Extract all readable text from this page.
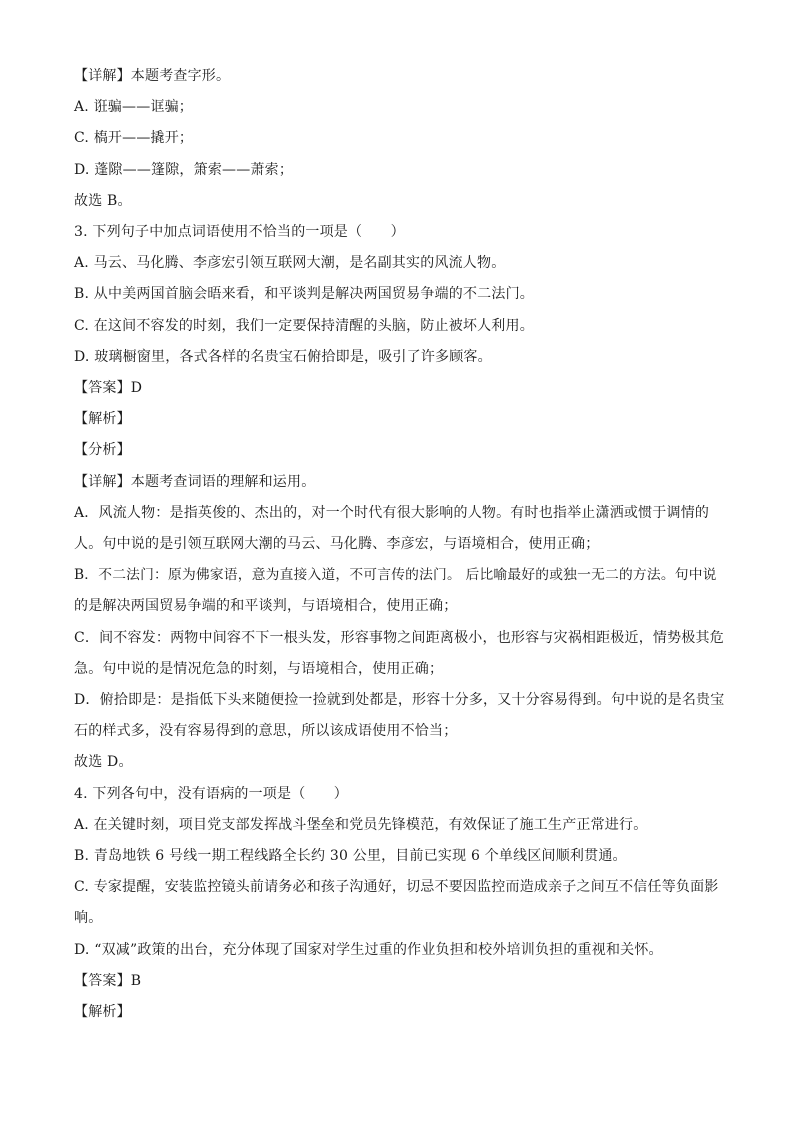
【详解】本题考查字形。
A. 诳骗——诓骗；
C. 槗开——撬开；
D. 蓬隙——篷隙，箫索——萧索；
故选 B。
3. 下列句子中加点词语使用不恰当的一项是（　　）
A. 马云、马化腾、李彦宏引领互联网大潮，是名副其实的风流人物。
B. 从中美两国首脑会晤来看，和平谈判是解决两国贸易争端的不二法门。
C. 在这间不容发的时刻，我们一定要保持清醒的头脑，防止被坏人利用。
D. 玻璃橱窗里，各式各样的名贵宝石俯拾即是，吸引了许多顾客。
【答案】D
【解析】
【分析】
【详解】本题考查词语的理解和运用。
A．风流人物：是指英俊的、杰出的，对一个时代有很大影响的人物。有时也指举止潇洒或惯于调情的
人。句中说的是引领互联网大潮的马云、马化腾、李彦宏，与语境相合，使用正确；
B．不二法门：原为佛家语，意为直接入道，不可言传的法门。 后比喻最好的或独一无二的方法。句中说
的是解决两国贸易争端的和平谈判，与语境相合，使用正确；
C．间不容发：两物中间容不下一根头发，形容事物之间距离极小，也形容与灾祸相距极近，情势极其危
急。句中说的是情况危急的时刻，与语境相合，使用正确；
D．俯拾即是：是指低下头来随便捡一捡就到处都是，形容十分多，又十分容易得到。句中说的是名贵宝
石的样式多，没有容易得到的意思，所以该成语使用不恰当；
故选 D。
4. 下列各句中，没有语病的一项是（　　）
A. 在关键时刻，项目党支部发挥战斗堡垒和党员先锋模范，有效保证了施工生产正常进行。
B. 青岛地铁 6 号线一期工程线路全长约 30 公里，目前已实现 6 个单线区间顺利贯通。
C. 专家提醒，安装监控镜头前请务必和孩子沟通好，切忌不要因监控而造成亲子之间互不信任等负面影
响。
D. “双减”政策的出台，充分体现了国家对学生过重的作业负担和校外培训负担的重视和关怀。
【答案】B
【解析】
